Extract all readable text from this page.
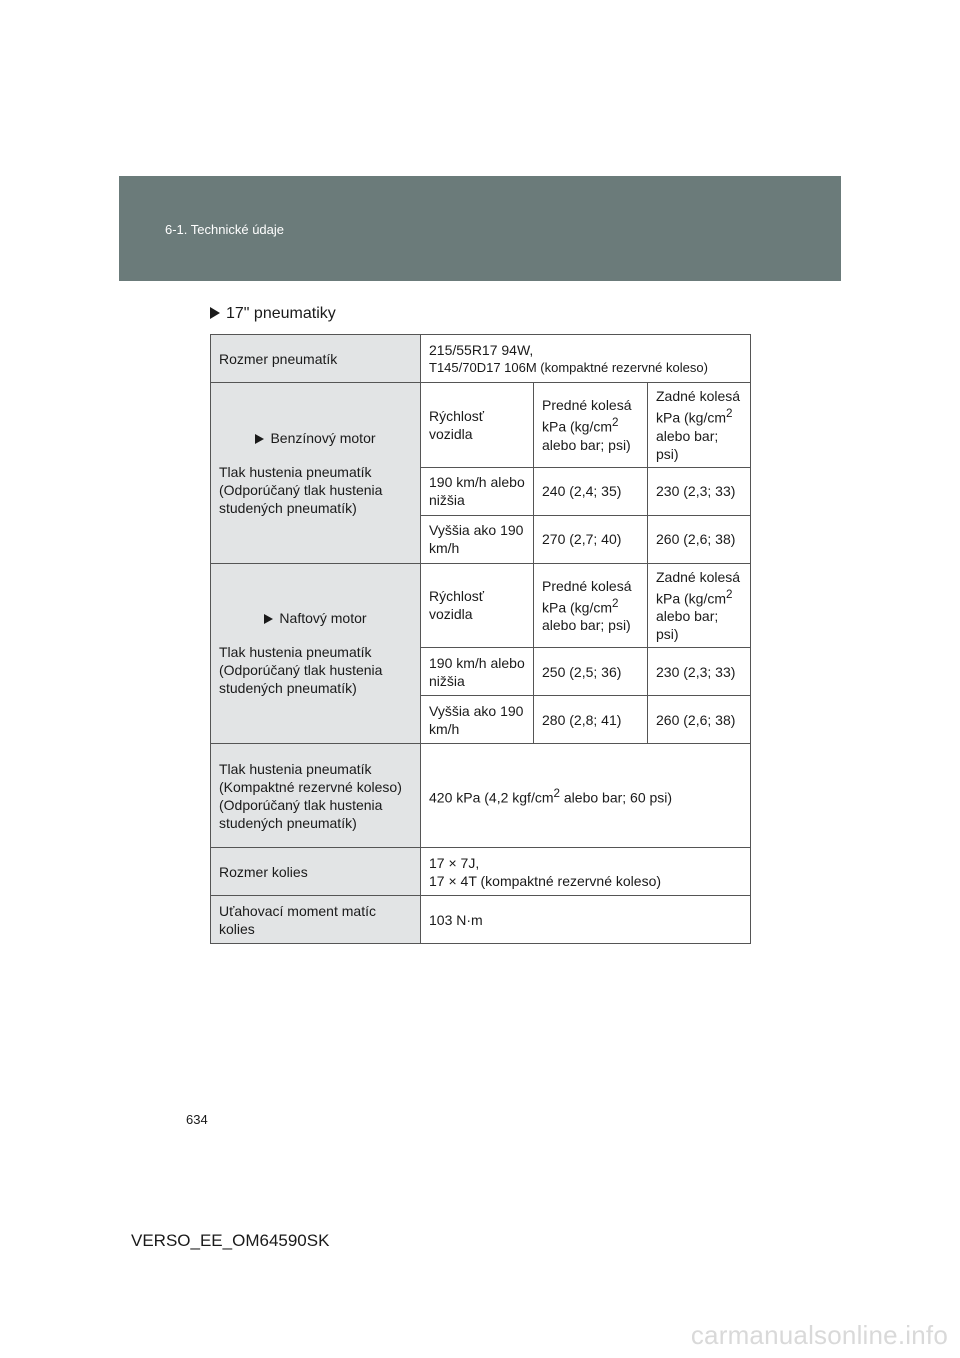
6-1. Technické údaje
17" pneumatiky
Rozmer pneumatík	215/55R17 94W,
T145/70D17 106M (kompaktné rezervné koleso)		

Benzínový motor
Tlak hustenia pneumatík (Odporúčaný tlak hustenia studených pneumatík)	Rýchlosť vozidla	Predné kolesá kPa ($kg/cm^2$ alebo bar; psi)	Zadné kolesá kPa ($kg/cm^2$ alebo bar; psi)
	190 km/h alebo nižšia	240 (2,4; 35)	230 (2,3; 33)
	Vyššia ako 190 km/h	270 (2,7; 40)	260 (2,6; 38)

Naftový motor
Tlak hustenia pneumatík (Odporúčaný tlak hustenia studených pneumatík)	Rýchlosť vozidla	Predné kolesá kPa ($kg/cm^2$ alebo bar; psi)	Zadné kolesá kPa ($kg/cm^2$ alebo bar; psi)
	190 km/h alebo nižšia	250 (2,5; 36)	230 (2,3; 33)
	Vyššia ako 190 km/h	280 (2,8; 41)	260 (2,6; 38)
Tlak hustenia pneumatík (Kompaktné rezervné koleso) (Odporúčaný tlak hustenia studených pneumatík)	420 kPa (4,2 kgf/$cm^2$ alebo bar; 60 psi)		
Rozmer kolies	17 × 7J,
17 × 4T (kompaktné rezervné koleso)		

Uťahovací moment matíc kolies	103 N·m		
634
VERSO_EE_OM64590SK
carmanualsonline.info
